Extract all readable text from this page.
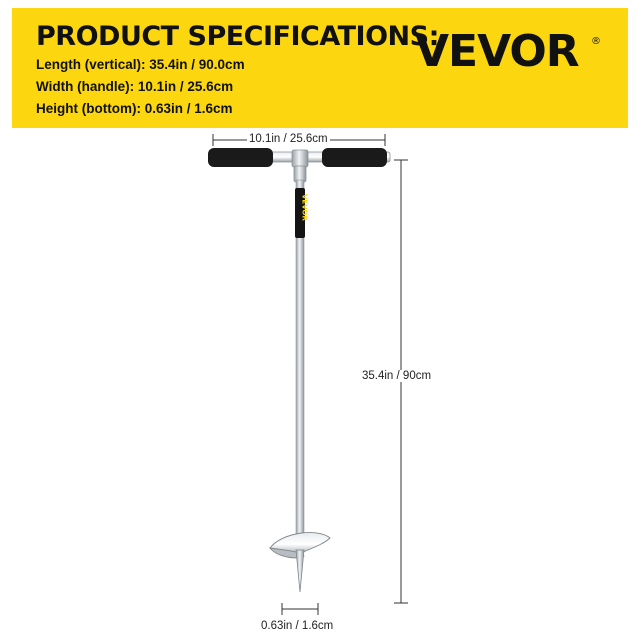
PRODUCT SPECIFICATIONS:
Length (vertical): 35.4in / 90.0cm
Width (handle): 10.1in / 25.6cm
Height (bottom): 0.63in / 1.6cm
VEVOR ®
VEVOR
10.1in / 25.6cm
35.4in / 90cm
0.63in / 1.6cm
